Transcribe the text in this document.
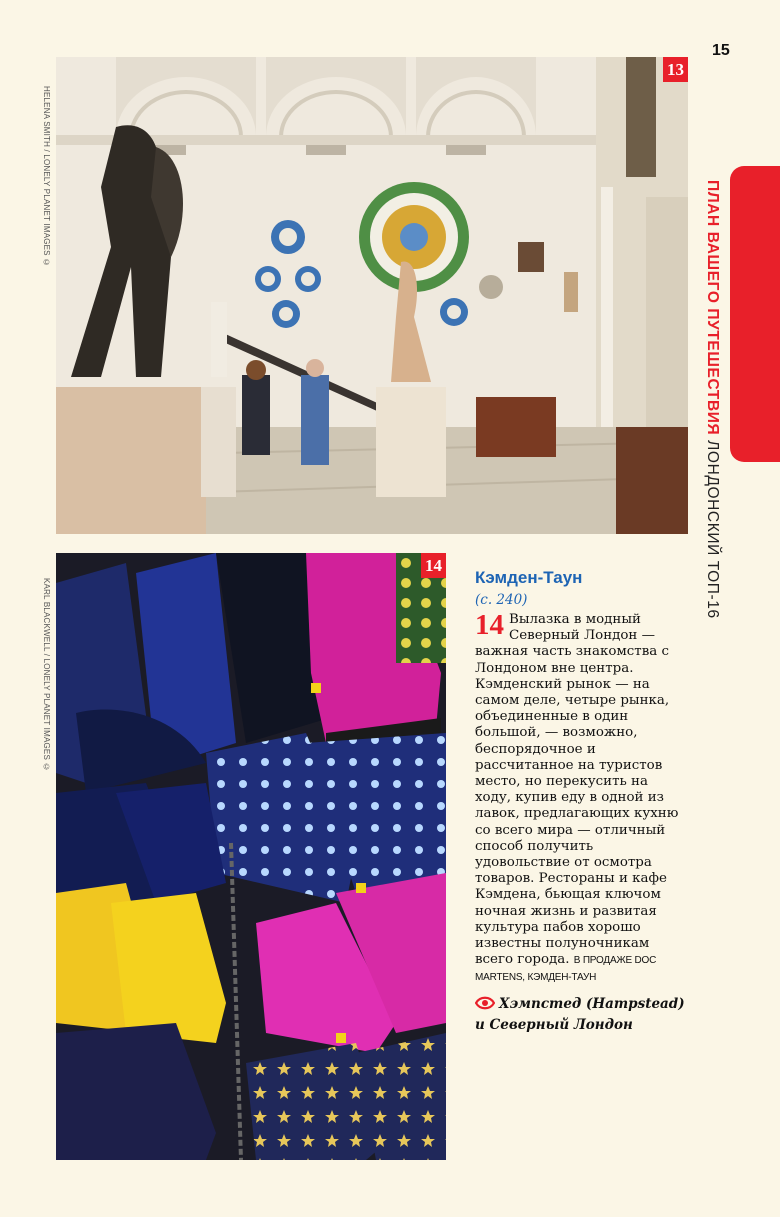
15
ПЛАН ВАШЕГО ПУТЕШЕСТВИЯ ЛОНДОНСКИЙ ТОП-16
HELENA SMITH / LONELY PLANET IMAGES ©
KARL BLACKWELL / LONELY PLANET IMAGES ©
13
14
Кэмден-Таун
(с. 240)

14 Вылазка в модный Северный Лондон — важная часть знакомства с Лондоном вне центра. Кэмденский рынок — на самом деле, четыре рынка, объединенные в один большой, — возможно, беспорядочное и рассчитанное на туристов место, но перекусить на ходу, купив еду в одной из лавок, предлагающих кухню со всего мира — отличный способ получить удовольствие от осмотра товаров. Рестораны и кафе Кэмдена, бьющая ключом ночная жизнь и развитая культура пабов хорошо известны полуночникам всего города. В ПРОДАЖЕ DOC MARTENS, КЭМДЕН-ТАУН

Хэмпстед (Hampstead) и Северный Лондон
